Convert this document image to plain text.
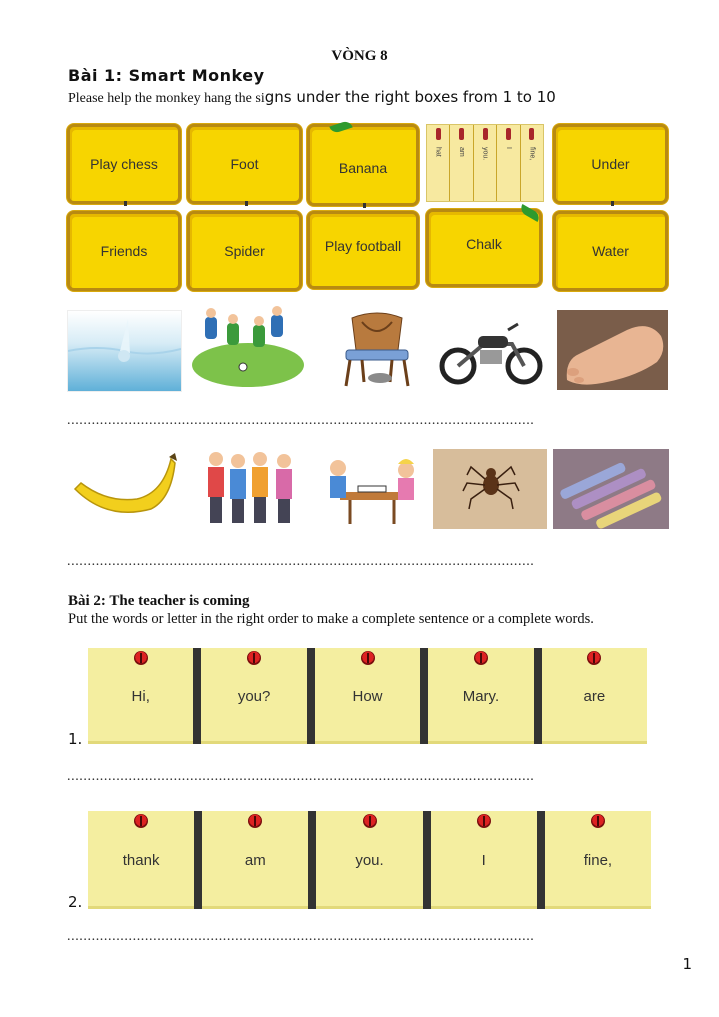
VÒNG 8
Bài 1: Smart Monkey
Please help the monkey hang the signs under the right boxes from 1 to 10
Play chess	Foot	Banana
hat am you. I fine,
Under
Friends	Spider	Play football	Chalk	Water
..................................................................................................................
..................................................................................................................
Bài 2: The teacher is coming
Put the words or letter in the right order to make a complete sentence or a complete words.
Hi,	you?	How	Mary.	are
1.
..................................................................................................................
thank	am	you.	I	fine,
2.
..................................................................................................................
1
